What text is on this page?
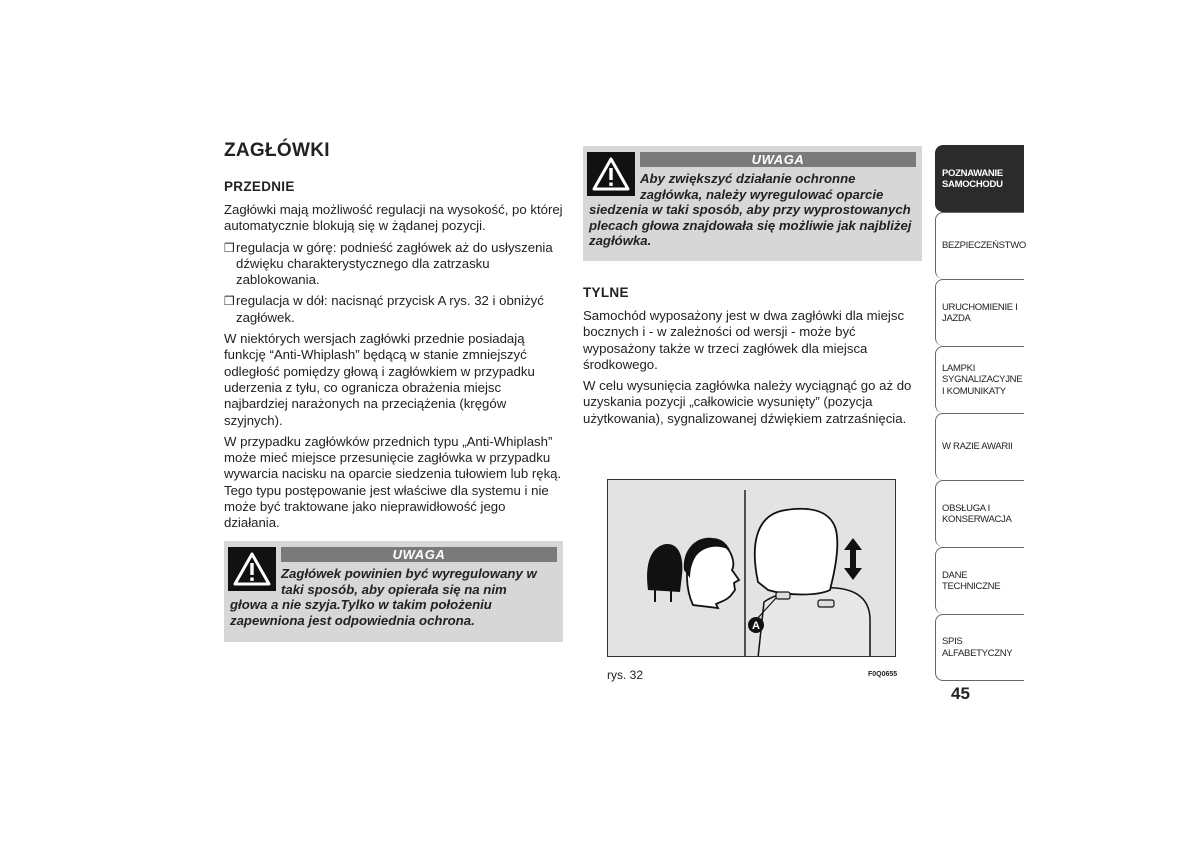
ZAGŁÓWKI
PRZEDNIE
Zagłówki mają możliwość regulacji na wysokość, po której automatycznie blokują się w żądanej pozycji.
❒ regulacja w górę: podnieść zagłówek aż do usłyszenia dźwięku charakterystycznego dla zatrzasku zablokowania.
❒ regulacja w dół: nacisnąć przycisk A rys. 32 i obniżyć zagłówek.
W niektórych wersjach zagłówki przednie posiadają funkcję “Anti-Whiplash” będącą w stanie zmniejszyć odległość pomiędzy głową i zagłówkiem w przypadku uderzenia z tyłu, co ogranicza obrażenia miejsc najbardziej narażonych na przeciążenia (kręgów szyjnych).
W przypadku zagłówków przednich typu „Anti-Whiplash” może mieć miejsce przesunięcie zagłówka w przypadku wywarcia nacisku na oparcie siedzenia tułowiem lub ręką. Tego typu postępowanie jest właściwe dla systemu i nie może być traktowane jako nieprawidłowość jego działania.
UWAGA
Zagłówek powinien być wyregulowany w taki sposób, aby opierała się na nim
głowa a nie szyja.Tylko w takim położeniu zapewniona jest odpowiednia ochrona.
UWAGA
Aby zwiększyć działanie ochronne zagłówka, należy wyregulować oparcie
siedzenia w taki sposób, aby przy wyprostowanych plecach głowa znajdowała się możliwie jak najbliżej zagłówka.
TYLNE
Samochód wyposażony jest w dwa zagłówki dla miejsc bocznych i - w zależności od wersji - może być wyposażony także w trzeci zagłówek dla miejsca środkowego.
W celu wysunięcia zagłówka należy wyciągnąć go aż do uzyskania pozycji „całkowicie wysunięty” (pozycja użytkowania), sygnalizowanej dźwiękiem zatrzaśnięcia.
A
rys. 32	F0Q0655
POZNAWANIE SAMOCHODU
BEZPIECZEŃSTWO
URUCHOMIENIE I JAZDA
LAMPKI SYGNALIZACYJNE I KOMUNIKATY
W RAZIE AWARII
OBSŁUGA I KONSERWACJA
DANE TECHNICZNE
SPIS ALFABETYCZNY
45
